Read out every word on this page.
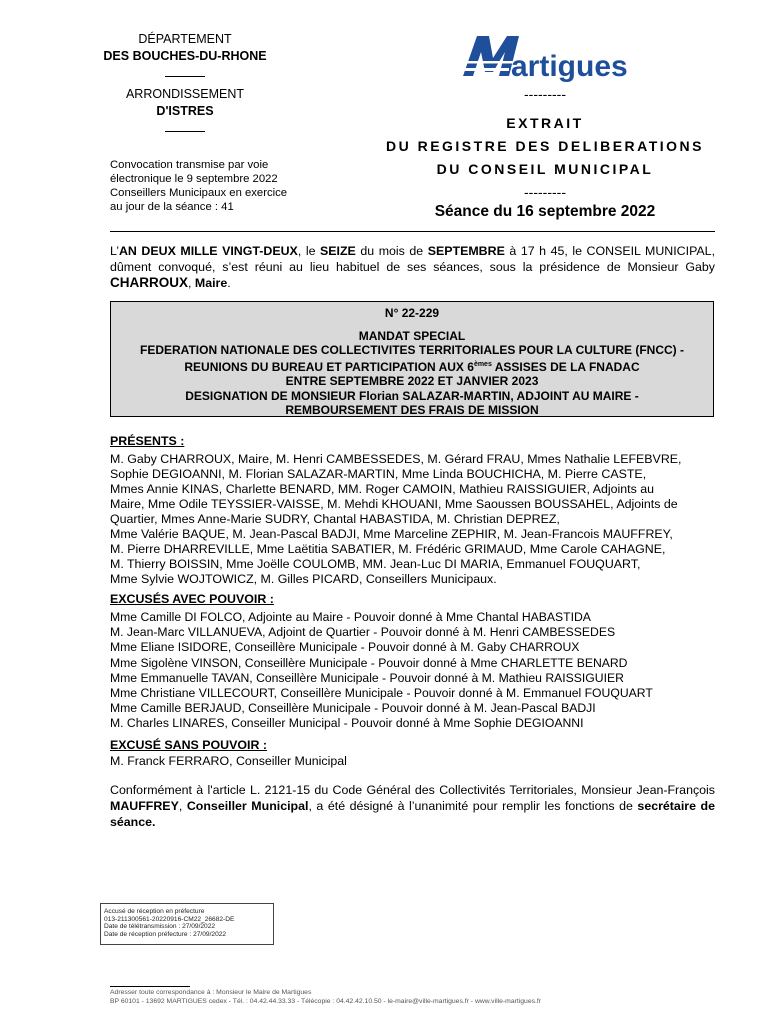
DÉPARTEMENT
DES BOUCHES-DU-RHONE
ARRONDISSEMENT
D'ISTRES
Convocation transmise par voie
électronique le 9 septembre 2022
Conseillers Municipaux en exercice
au jour de la séance : 41
artigues
---------
EXTRAIT
DU REGISTRE DES DELIBERATIONS
DU CONSEIL MUNICIPAL
---------
Séance du 16 septembre 2022
L’AN DEUX MILLE VINGT-DEUX, le SEIZE du mois de SEPTEMBRE à 17 h 45, le CONSEIL MUNICIPAL, dûment convoqué, s’est réuni au lieu habituel de ses séances, sous la présidence de Monsieur Gaby CHARROUX, Maire.
N° 22-229
MANDAT SPECIAL
FEDERATION NATIONALE DES COLLECTIVITES TERRITORIALES POUR LA CULTURE (FNCC) -
REUNIONS DU BUREAU ET PARTICIPATION AUX 6èmes ASSISES DE LA FNADAC
ENTRE SEPTEMBRE 2022 ET JANVIER 2023
DESIGNATION DE MONSIEUR Florian SALAZAR-MARTIN, ADJOINT AU MAIRE -
REMBOURSEMENT DES FRAIS DE MISSION
PRÉSENTS :
M. Gaby CHARROUX, Maire, M. Henri CAMBESSEDES, M. Gérard FRAU, Mmes Nathalie LEFEBVRE,
Sophie DEGIOANNI, M. Florian SALAZAR-MARTIN, Mme Linda BOUCHICHA, M. Pierre CASTE,
Mmes Annie KINAS, Charlette BENARD, MM. Roger CAMOIN, Mathieu RAISSIGUIER, Adjoints au
Maire, Mme Odile TEYSSIER-VAISSE, M. Mehdi KHOUANI, Mme Saoussen BOUSSAHEL, Adjoints de
Quartier, Mmes Anne-Marie SUDRY, Chantal HABASTIDA, M. Christian DEPREZ,
Mme Valérie BAQUE, M. Jean-Pascal BADJI, Mme Marceline ZEPHIR, M. Jean-Francois MAUFFREY,
M. Pierre DHARREVILLE, Mme Laëtitia SABATIER, M. Frédéric GRIMAUD, Mme Carole CAHAGNE,
M. Thierry BOISSIN, Mme Joëlle COULOMB, MM. Jean-Luc DI MARIA, Emmanuel FOUQUART,
Mme Sylvie WOJTOWICZ, M. Gilles PICARD, Conseillers Municipaux.
EXCUSÉS AVEC POUVOIR :
Mme Camille DI FOLCO, Adjointe au Maire - Pouvoir donné à Mme Chantal HABASTIDA
M. Jean-Marc VILLANUEVA, Adjoint de Quartier - Pouvoir donné à M. Henri CAMBESSEDES
Mme Eliane ISIDORE, Conseillère Municipale - Pouvoir donné à M. Gaby CHARROUX
Mme Sigolène VINSON, Conseillère Municipale - Pouvoir donné à Mme CHARLETTE BENARD
Mme Emmanuelle TAVAN, Conseillère Municipale - Pouvoir donné à M. Mathieu RAISSIGUIER
Mme Christiane VILLECOURT, Conseillère Municipale - Pouvoir donné à M. Emmanuel FOUQUART
Mme Camille BERJAUD, Conseillère Municipale - Pouvoir donné à M. Jean-Pascal BADJI
M. Charles LINARES, Conseiller Municipal - Pouvoir donné à Mme Sophie DEGIOANNI
EXCUSÉ SANS POUVOIR :
M. Franck FERRARO, Conseiller Municipal
Conformément à l'article L. 2121-15 du Code Général des Collectivités Territoriales, Monsieur Jean-François MAUFFREY, Conseiller Municipal, a été désigné à l’unanimité pour remplir les fonctions de secrétaire de séance.
Accusé de réception en préfecture
013-211300561-20220916-CM22_26682-DE
Date de télétransmission : 27/09/2022
Date de réception préfecture : 27/09/2022
Adresser toute correspondance à : Monsieur le Maire de Martigues
BP 60101 - 13692 MARTIGUES cedex - Tél. : 04.42.44.33.33 - Télécopie : 04.42.42.10.50 - le-maire@ville-martigues.fr - www.ville-martigues.fr
